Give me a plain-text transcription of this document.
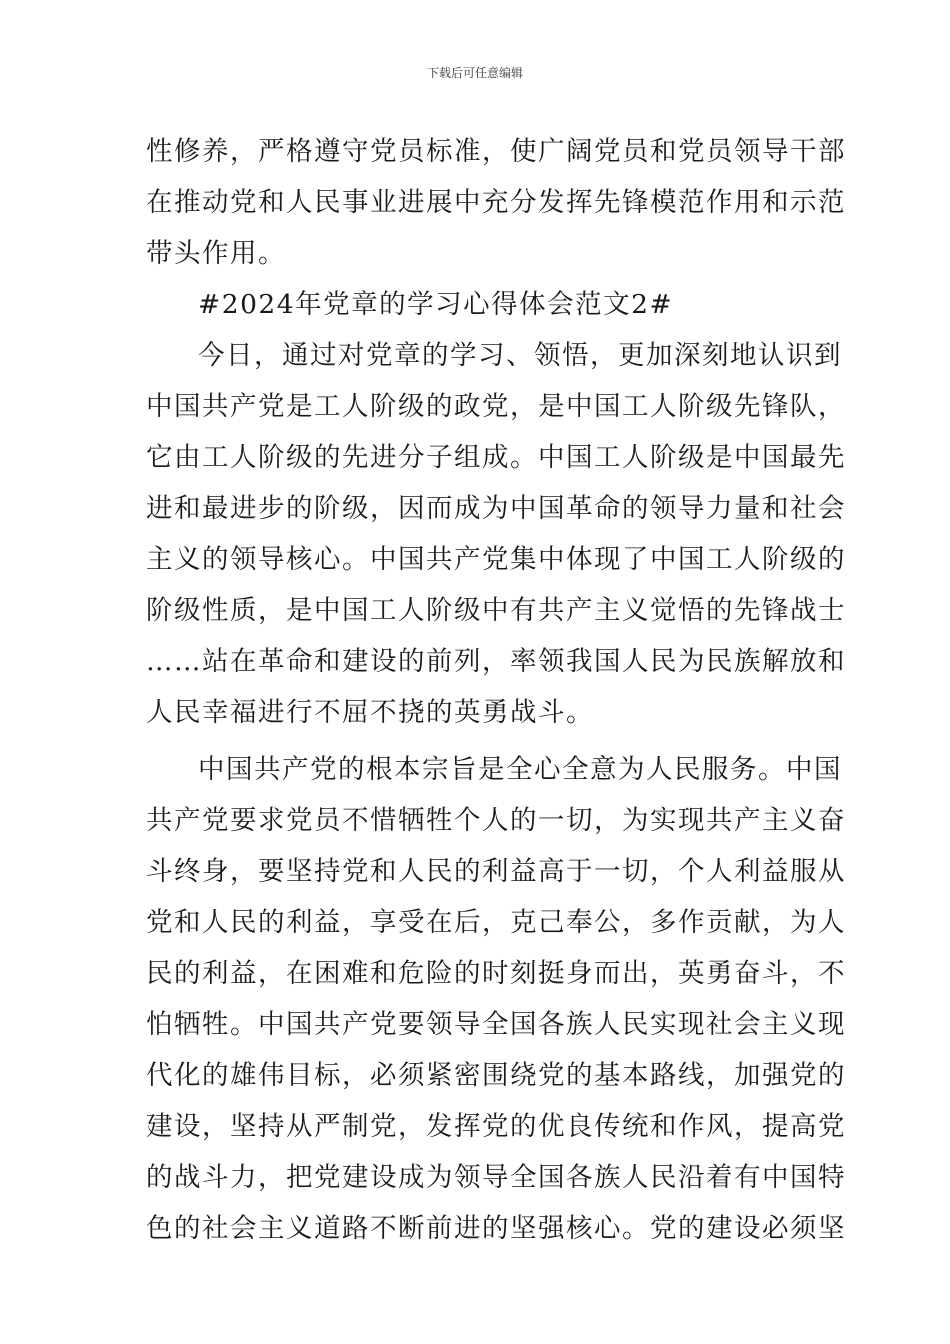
下载后可任意编辑
性修养，严格遵守党员标准，使广阔党员和党员领导干部
在推动党和人民事业进展中充分发挥先锋模范作用和示范
带头作用。
#2024年党章的学习心得体会范文2#
今日，通过对党章的学习、领悟，更加深刻地认识到
中国共产党是工人阶级的政党，是中国工人阶级先锋队，
它由工人阶级的先进分子组成。中国工人阶级是中国最先
进和最进步的阶级，因而成为中国革命的领导力量和社会
主义的领导核心。中国共产党集中体现了中国工人阶级的
阶级性质，是中国工人阶级中有共产主义觉悟的先锋战士
……站在革命和建设的前列，率领我国人民为民族解放和
人民幸福进行不屈不挠的英勇战斗。
中国共产党的根本宗旨是全心全意为人民服务。中国
共产党要求党员不惜牺牲个人的一切，为实现共产主义奋
斗终身，要坚持党和人民的利益高于一切，个人利益服从
党和人民的利益，享受在后，克己奉公，多作贡献，为人
民的利益，在困难和危险的时刻挺身而出，英勇奋斗，不
怕牺牲。中国共产党要领导全国各族人民实现社会主义现
代化的雄伟目标，必须紧密围绕党的基本路线，加强党的
建设，坚持从严制党，发挥党的优良传统和作风，提高党
的战斗力，把党建设成为领导全国各族人民沿着有中国特
色的社会主义道路不断前进的坚强核心。党的建设必须坚
